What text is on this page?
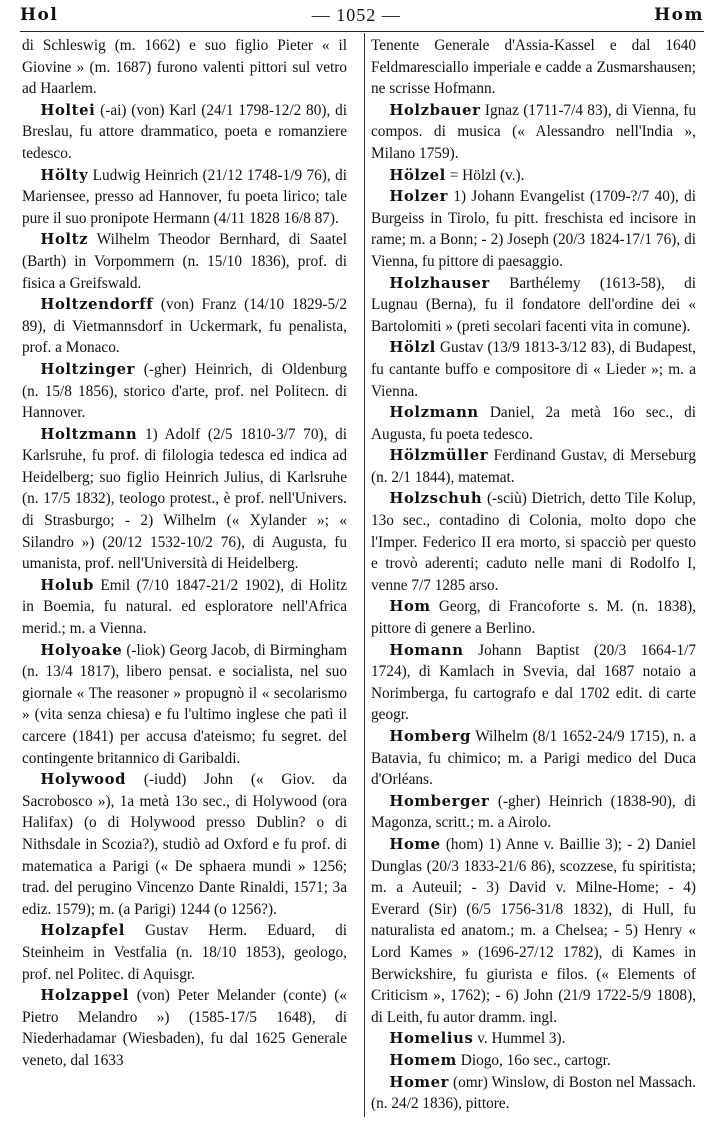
Hol	— 1052 —	Hom

di Schleswig (m. 1662) e suo figlio Pieter « il Giovine » (m. 1687) furono valenti pittori sul vetro ad Haarlem.

Holtei (-ai) (von) Karl (24/1 1798-12/2 80), di Breslau, fu attore drammatico, poeta e romanziere tedesco.

Hölty Ludwig Heinrich (21/12 1748-1/9 76), di Mariensee, presso ad Hannover, fu poeta lirico; tale pure il suo pronipote Hermann (4/11 1828 16/8 87).

Holtz Wilhelm Theodor Bernhard, di Saatel (Barth) in Vorpommern (n. 15/10 1836), prof. di fisica a Greifswald.

Holtzendorff (von) Franz (14/10 1829-5/2 89), di Vietmannsdorf in Uckermark, fu penalista, prof. a Monaco.

Holtzinger (-gher) Heinrich, di Oldenburg (n. 15/8 1856), storico d'arte, prof. nel Politecn. di Hannover.

Holtzmann 1) Adolf (2/5 1810-3/7 70), di Karlsruhe, fu prof. di filologia tedesca ed indica ad Heidelberg; suo figlio Heinrich Julius, di Karlsruhe (n. 17/5 1832), teologo protest., è prof. nell'Univers. di Strasburgo; - 2) Wilhelm (« Xylander »; « Silandro ») (20/12 1532-10/2 76), di Augusta, fu umanista, prof. nell'Università di Heidelberg.

Holub Emil (7/10 1847-21/2 1902), di Holitz in Boemia, fu natural. ed esploratore nell'Africa merid.; m. a Vienna.

Holyoake (-liok) Georg Jacob, di Birmingham (n. 13/4 1817), libero pensat. e socialista, nel suo giornale « The reasoner » propugnò il « secolarismo » (vita senza chiesa) e fu l'ultimo inglese che patì il carcere (1841) per accusa d'ateismo; fu segret. del contingente britannico di Garibaldi.

Holywood (-iudd) John (« Giov. da Sacrobosco »), 1a metà 13o sec., di Holywood (ora Halifax) (o di Holywood presso Dublin? o di Nithsdale in Scozia?), studiò ad Oxford e fu prof. di matematica a Parigi (« De sphaera mundi » 1256; trad. del perugino Vincenzo Dante Rinaldi, 1571; 3a ediz. 1579); m. (a Parigi) 1244 (o 1256?).

Holzapfel Gustav Herm. Eduard, di Steinheim in Vestfalia (n. 18/10 1853), geologo, prof. nel Politec. di Aquisgr.

Holzappel (von) Peter Melander (conte) (« Pietro Melandro ») (1585-17/5 1648), di Niederhadamar (Wiesbaden), fu dal 1625 Generale veneto, dal 1633

Tenente Generale d'Assia-Kassel e dal 1640 Feldmaresciallo imperiale e cadde a Zusmarshausen; ne scrisse Hofmann.

Holzbauer Ignaz (1711-7/4 83), di Vienna, fu compos. di musica (« Alessandro nell'India », Milano 1759).

Hölzel = Hölzl (v.).

Holzer 1) Johann Evangelist (1709-?/7 40), di Burgeiss in Tirolo, fu pitt. freschista ed incisore in rame; m. a Bonn; - 2) Joseph (20/3 1824-17/1 76), di Vienna, fu pittore di paesaggio.

Holzhauser Barthélemy (1613-58), di Lugnau (Berna), fu il fondatore dell'ordine dei « Bartolomiti » (preti secolari facenti vita in comune).

Hölzl Gustav (13/9 1813-3/12 83), di Budapest, fu cantante buffo e compositore di « Lieder »; m. a Vienna.

Holzmann Daniel, 2a metà 16o sec., di Augusta, fu poeta tedesco.

Hölzmüller Ferdinand Gustav, di Merseburg (n. 2/1 1844), matemat.

Holzschuh (-sciù) Dietrich, detto Tile Kolup, 13o sec., contadino di Colonia, molto dopo che l'Imper. Federico II era morto, si spacciò per questo e trovò aderenti; caduto nelle mani di Rodolfo I, venne 7/7 1285 arso.

Hom Georg, di Francoforte s. M. (n. 1838), pittore di genere a Berlino.

Homann Johann Baptist (20/3 1664-1/7 1724), di Kamlach in Svevia, dal 1687 notaio a Norimberga, fu cartografo e dal 1702 edit. di carte geogr.

Homberg Wilhelm (8/1 1652-24/9 1715), n. a Batavia, fu chimico; m. a Parigi medico del Duca d'Orléans.

Homberger (-gher) Heinrich (1838-90), di Magonza, scritt.; m. a Airolo.

Home (hom) 1) Anne v. Baillie 3); - 2) Daniel Dunglas (20/3 1833-21/6 86), scozzese, fu spiritista; m. a Auteuil; - 3) David v. Milne-Home; - 4) Everard (Sir) (6/5 1756-31/8 1832), di Hull, fu naturalista ed anatom.; m. a Chelsea; - 5) Henry « Lord Kames » (1696-27/12 1782), di Kames in Berwickshire, fu giurista e filos. (« Elements of Criticism », 1762); - 6) John (21/9 1722-5/9 1808), di Leith, fu autor dramm. ingl.

Homelius v. Hummel 3).

Homem Diogo, 16o sec., cartogr.

Homer (omr) Winslow, di Boston nel Massach. (n. 24/2 1836), pittore.
